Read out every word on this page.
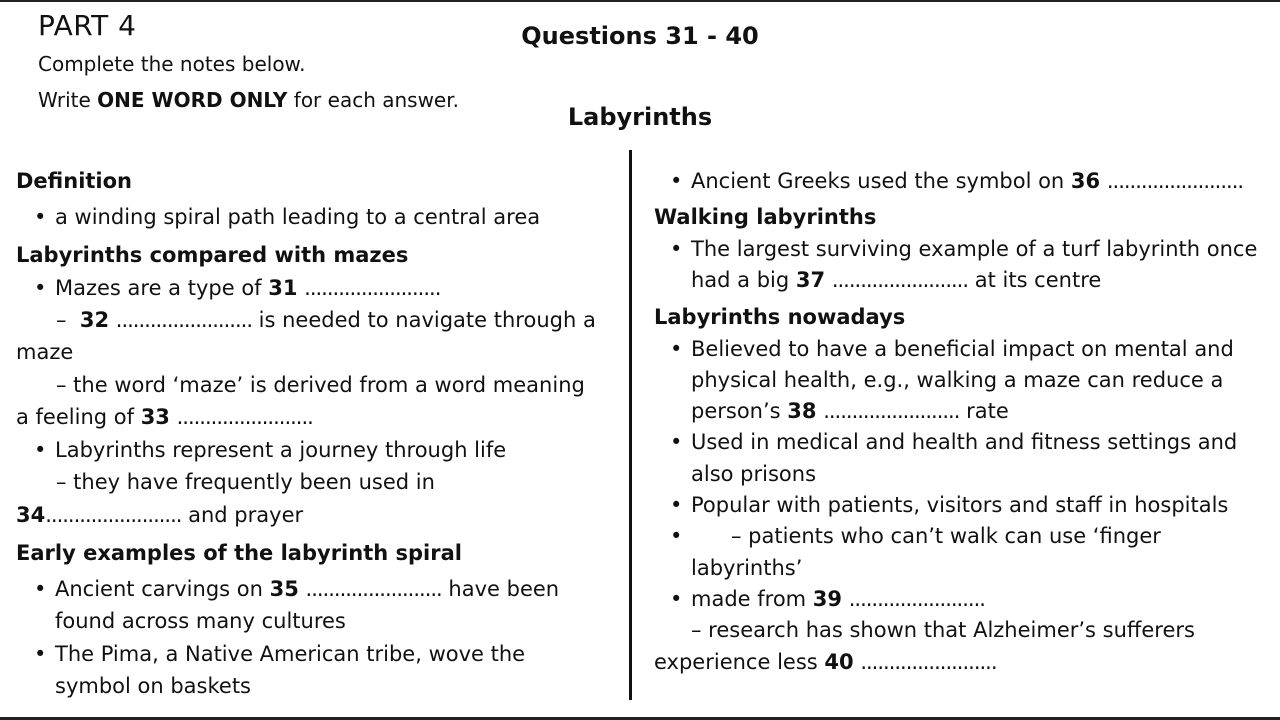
PART 4	Questions 31 - 40
Complete the notes below.
Write ONE WORD ONLY for each answer.
Labyrinths
Definition
• a winding spiral path leading to a central area
Labyrinths compared with mazes
• Mazes are a type of 31 ........................
– 32 ........................ is needed to navigate through a
maze
– the word ‘maze’ is derived from a word meaning
a feeling of 33 ........................
• Labyrinths represent a journey through life
– they have frequently been used in
34........................ and prayer
Early examples of the labyrinth spiral
• Ancient carvings on 35 ........................ have been
found across many cultures
• The Pima, a Native American tribe, wove the
symbol on baskets
• Ancient Greeks used the symbol on 36 ........................
Walking labyrinths
• The largest surviving example of a turf labyrinth once
had a big 37 ........................ at its centre
Labyrinths nowadays
• Believed to have a beneficial impact on mental and
physical health, e.g., walking a maze can reduce a
person’s 38 ........................ rate
• Used in medical and health and fitness settings and
also prisons
• Popular with patients, visitors and staff in hospitals
• – patients who can’t walk can use ‘finger
labyrinths’
• made from 39 ........................
– research has shown that Alzheimer’s sufferers
experience less 40 ........................
